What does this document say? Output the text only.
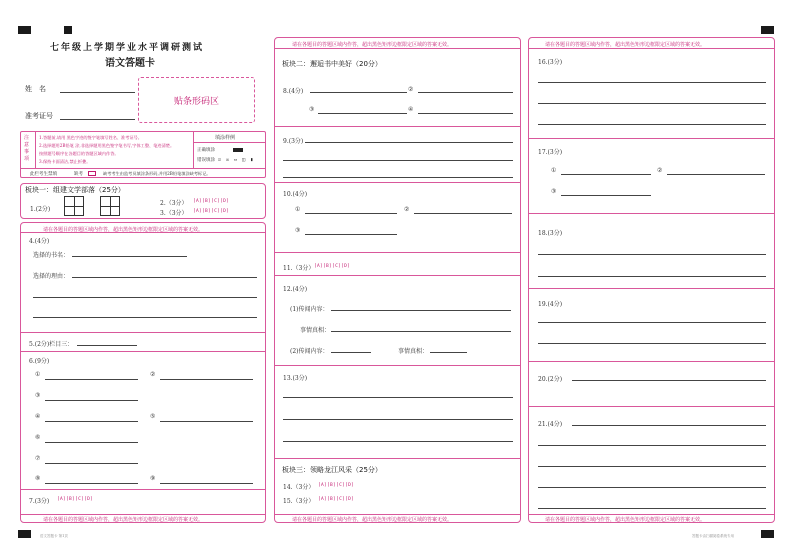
七年级上学期学业水平调研测试
语文答题卡
姓　名
准考证号
贴条形码区
注意事项
1.答题前,请用 黑色字迹的签字笔填写姓名、准考证号。
2.选择题用2B铅笔 涂,非选择题用黑色签字笔书写,字体工整、笔迹清楚。
按照题号顺序在各题目的答题区域内作答。
3.保持卡面清洁,禁止折叠。
填涂样例
正确填涂
错误填涂 ☑ ☒ ▭ ◫ ▮
此栏考生禁填	缺考	缺考考生由监考员填涂条形码,并用2B铅笔填涂缺考标记。
板块一：组建文学部落（25分）
1.(2分)
2.（3分） [A][B][C][D]
3.（3分） [A][B][C][D]
请在各题目的答题区域内作答，超出黑色矩形边框限定区域的答案无效。
4.(4分)
选择的书名：
选择的理由：
5.(2分)栏目三：
6.(9分)
①	②
③
④	⑤
⑥
⑦
⑧	⑨
7.(3分) [A][B][C][D]
请在各题目的答题区域内作答，超出黑色矩形边框限定区域的答案无效。
请在各题目的答题区域内作答，超出黑色矩形边框限定区域的答案无效。
板块二：邂逅书中美好（20分）
8.(4分)	②
③	④
9.(3分)
10.(4分)
①	②
③
11.（3分） [A][B][C][D]
12.(4分)
(1)传闻内容：
事情真相：
(2)传闻内容：	事情真相：
13.(3分)
板块三：领略龙江风采（25分）
14.（3分） [A][B][C][D]
15.（3分） [A][B][C][D]
请在各题目的答题区域内作答，超出黑色矩形边框限定区域的答案无效。
请在各题目的答题区域内作答，超出黑色矩形边框限定区域的答案无效。
16.(3分)
17.(3分)
①	②
③
18.(3分)
19.(4分)
20.(2分)
21.(4分)
请在各题目的答题区域内作答，超出黑色矩形边框限定区域的答案无效。
语文答题卡 第1页	答题卡由扫描阅卷系统专用
